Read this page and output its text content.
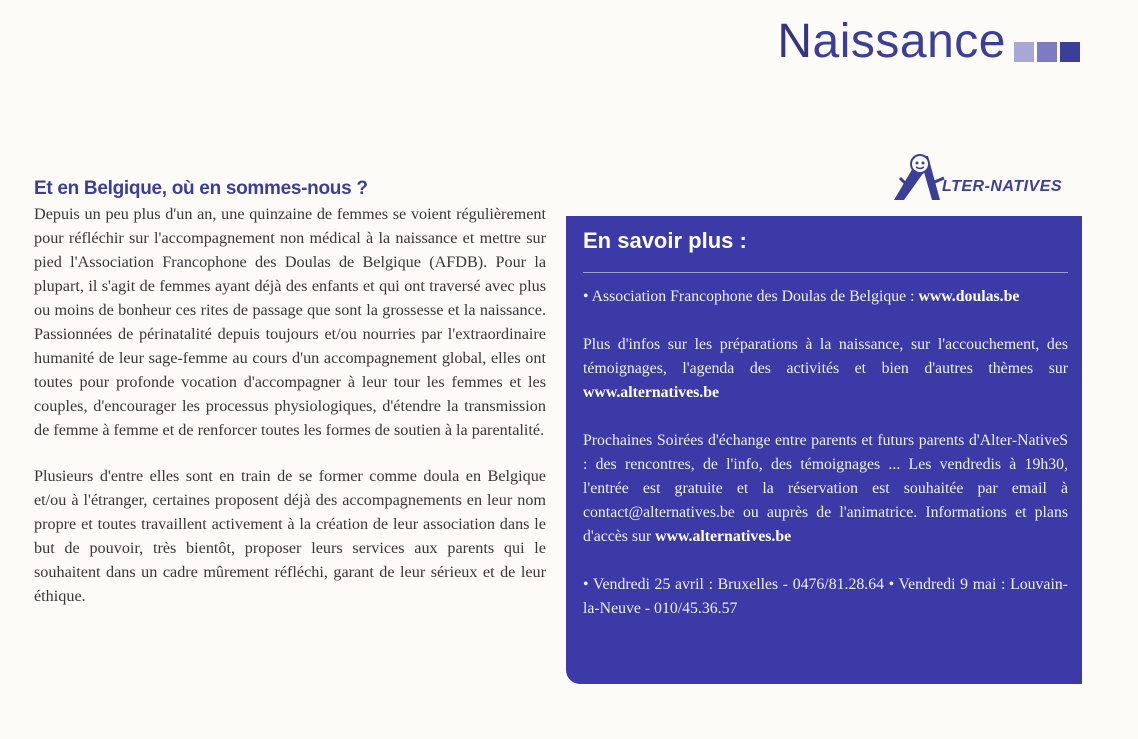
Naissance
Et en Belgique, où en sommes-nous ?

Depuis un peu plus d'un an, une quinzaine de femmes se voient régulièrement pour réfléchir sur l'accompagnement non médical à la naissance et mettre sur pied l'Association Francophone des Doulas de Belgique (AFDB). Pour la plupart, il s'agit de femmes ayant déjà des enfants et qui ont traversé avec plus ou moins de bonheur ces rites de passage que sont la grossesse et la naissance. Passionnées de périnatalité depuis toujours et/ou nourries par l'extraordinaire humanité de leur sage-femme au cours d'un accompagnement global, elles ont toutes pour profonde vocation d'accompagner à leur tour les femmes et les couples, d'encourager les processus physiologiques, d'étendre la transmission de femme à femme et de renforcer toutes les formes de soutien à la parentalité.

Plusieurs d'entre elles sont en train de se former comme doula en Belgique et/ou à l'étranger, certaines proposent déjà des accompagnements en leur nom propre et toutes travaillent activement à la création de leur association dans le but de pouvoir, très bientôt, proposer leurs services aux parents qui le souhaitent dans un cadre mûrement réfléchi, garant de leur sérieux et de leur éthique.

LTER-NATIVES
En savoir plus :

• Association Francophone des Doulas de Belgique : www.doulas.be

Plus d'infos sur les préparations à la naissance, sur l'accouchement, des témoignages, l'agenda des activités et bien d'autres thèmes sur www.alternatives.be

Prochaines Soirées d'échange entre parents et futurs parents d'Alter-NativeS : des rencontres, de l'info, des témoignages ... Les vendredis à 19h30, l'entrée est gratuite et la réservation est souhaitée par email à contact@alternatives.be ou auprès de l'animatrice. Informations et plans d'accès sur www.alternatives.be

• Vendredi 25 avril : Bruxelles - 0476/81.28.64 • Vendredi 9 mai : Louvain-la-Neuve - 010/45.36.57
